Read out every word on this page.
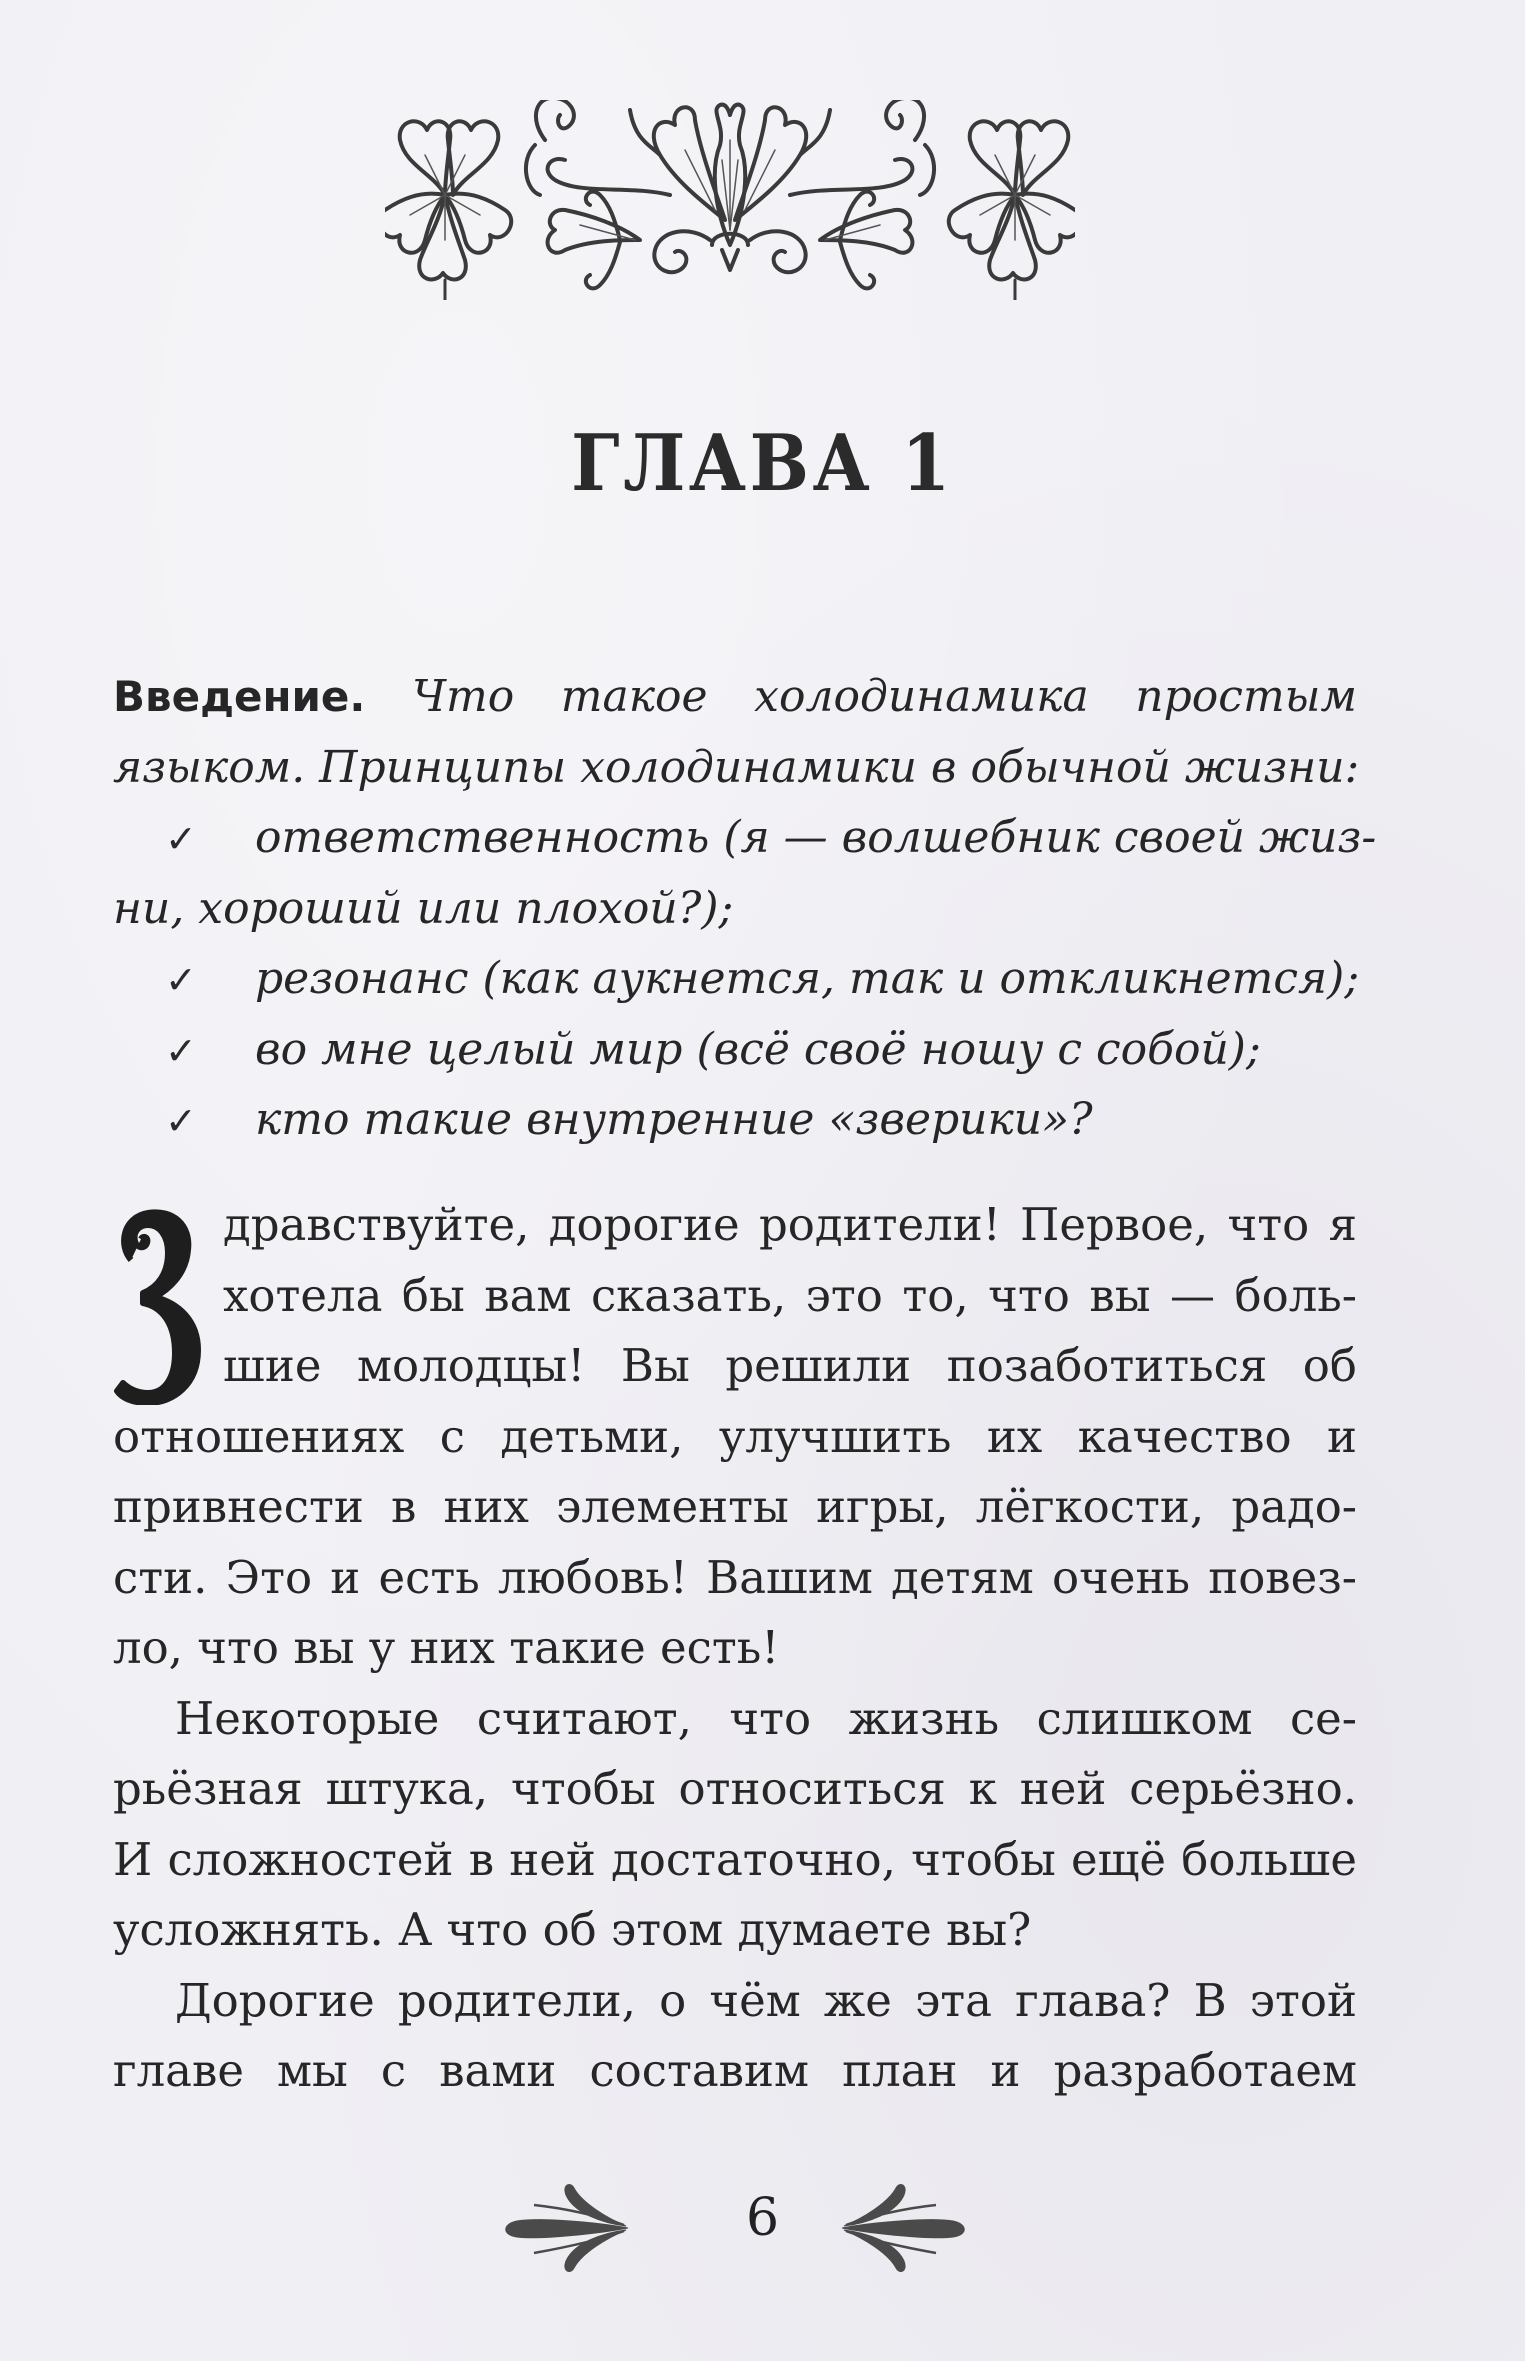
ГЛАВА 1
Введение. Что такое холодинамика простым
языком. Принципы холодинамики в обычной жизни:
✓ ответственность (я — волшебник своей жиз-
ни, хороший или плохой?);
✓ резонанс (как аукнется, так и откликнется);
✓ во мне целый мир (всё своё ношу с собой);
✓ кто такие внутренние «зверики»?
дравствуйте, дорогие родители! Первое, что я
хотела бы вам сказать, это то, что вы — боль-
шие молодцы! Вы решили позаботиться об
отношениях с детьми, улучшить их качество и
привнести в них элементы игры, лёгкости, радо-
сти. Это и есть любовь! Вашим детям очень повез-
ло, что вы у них такие есть!
Некоторые считают, что жизнь слишком се-
рьёзная штука, чтобы относиться к ней серьёзно.
И сложностей в ней достаточно, чтобы ещё больше
усложнять. А что об этом думаете вы?
Дорогие родители, о чём же эта глава? В этой
главе мы с вами составим план и разработаем
6
